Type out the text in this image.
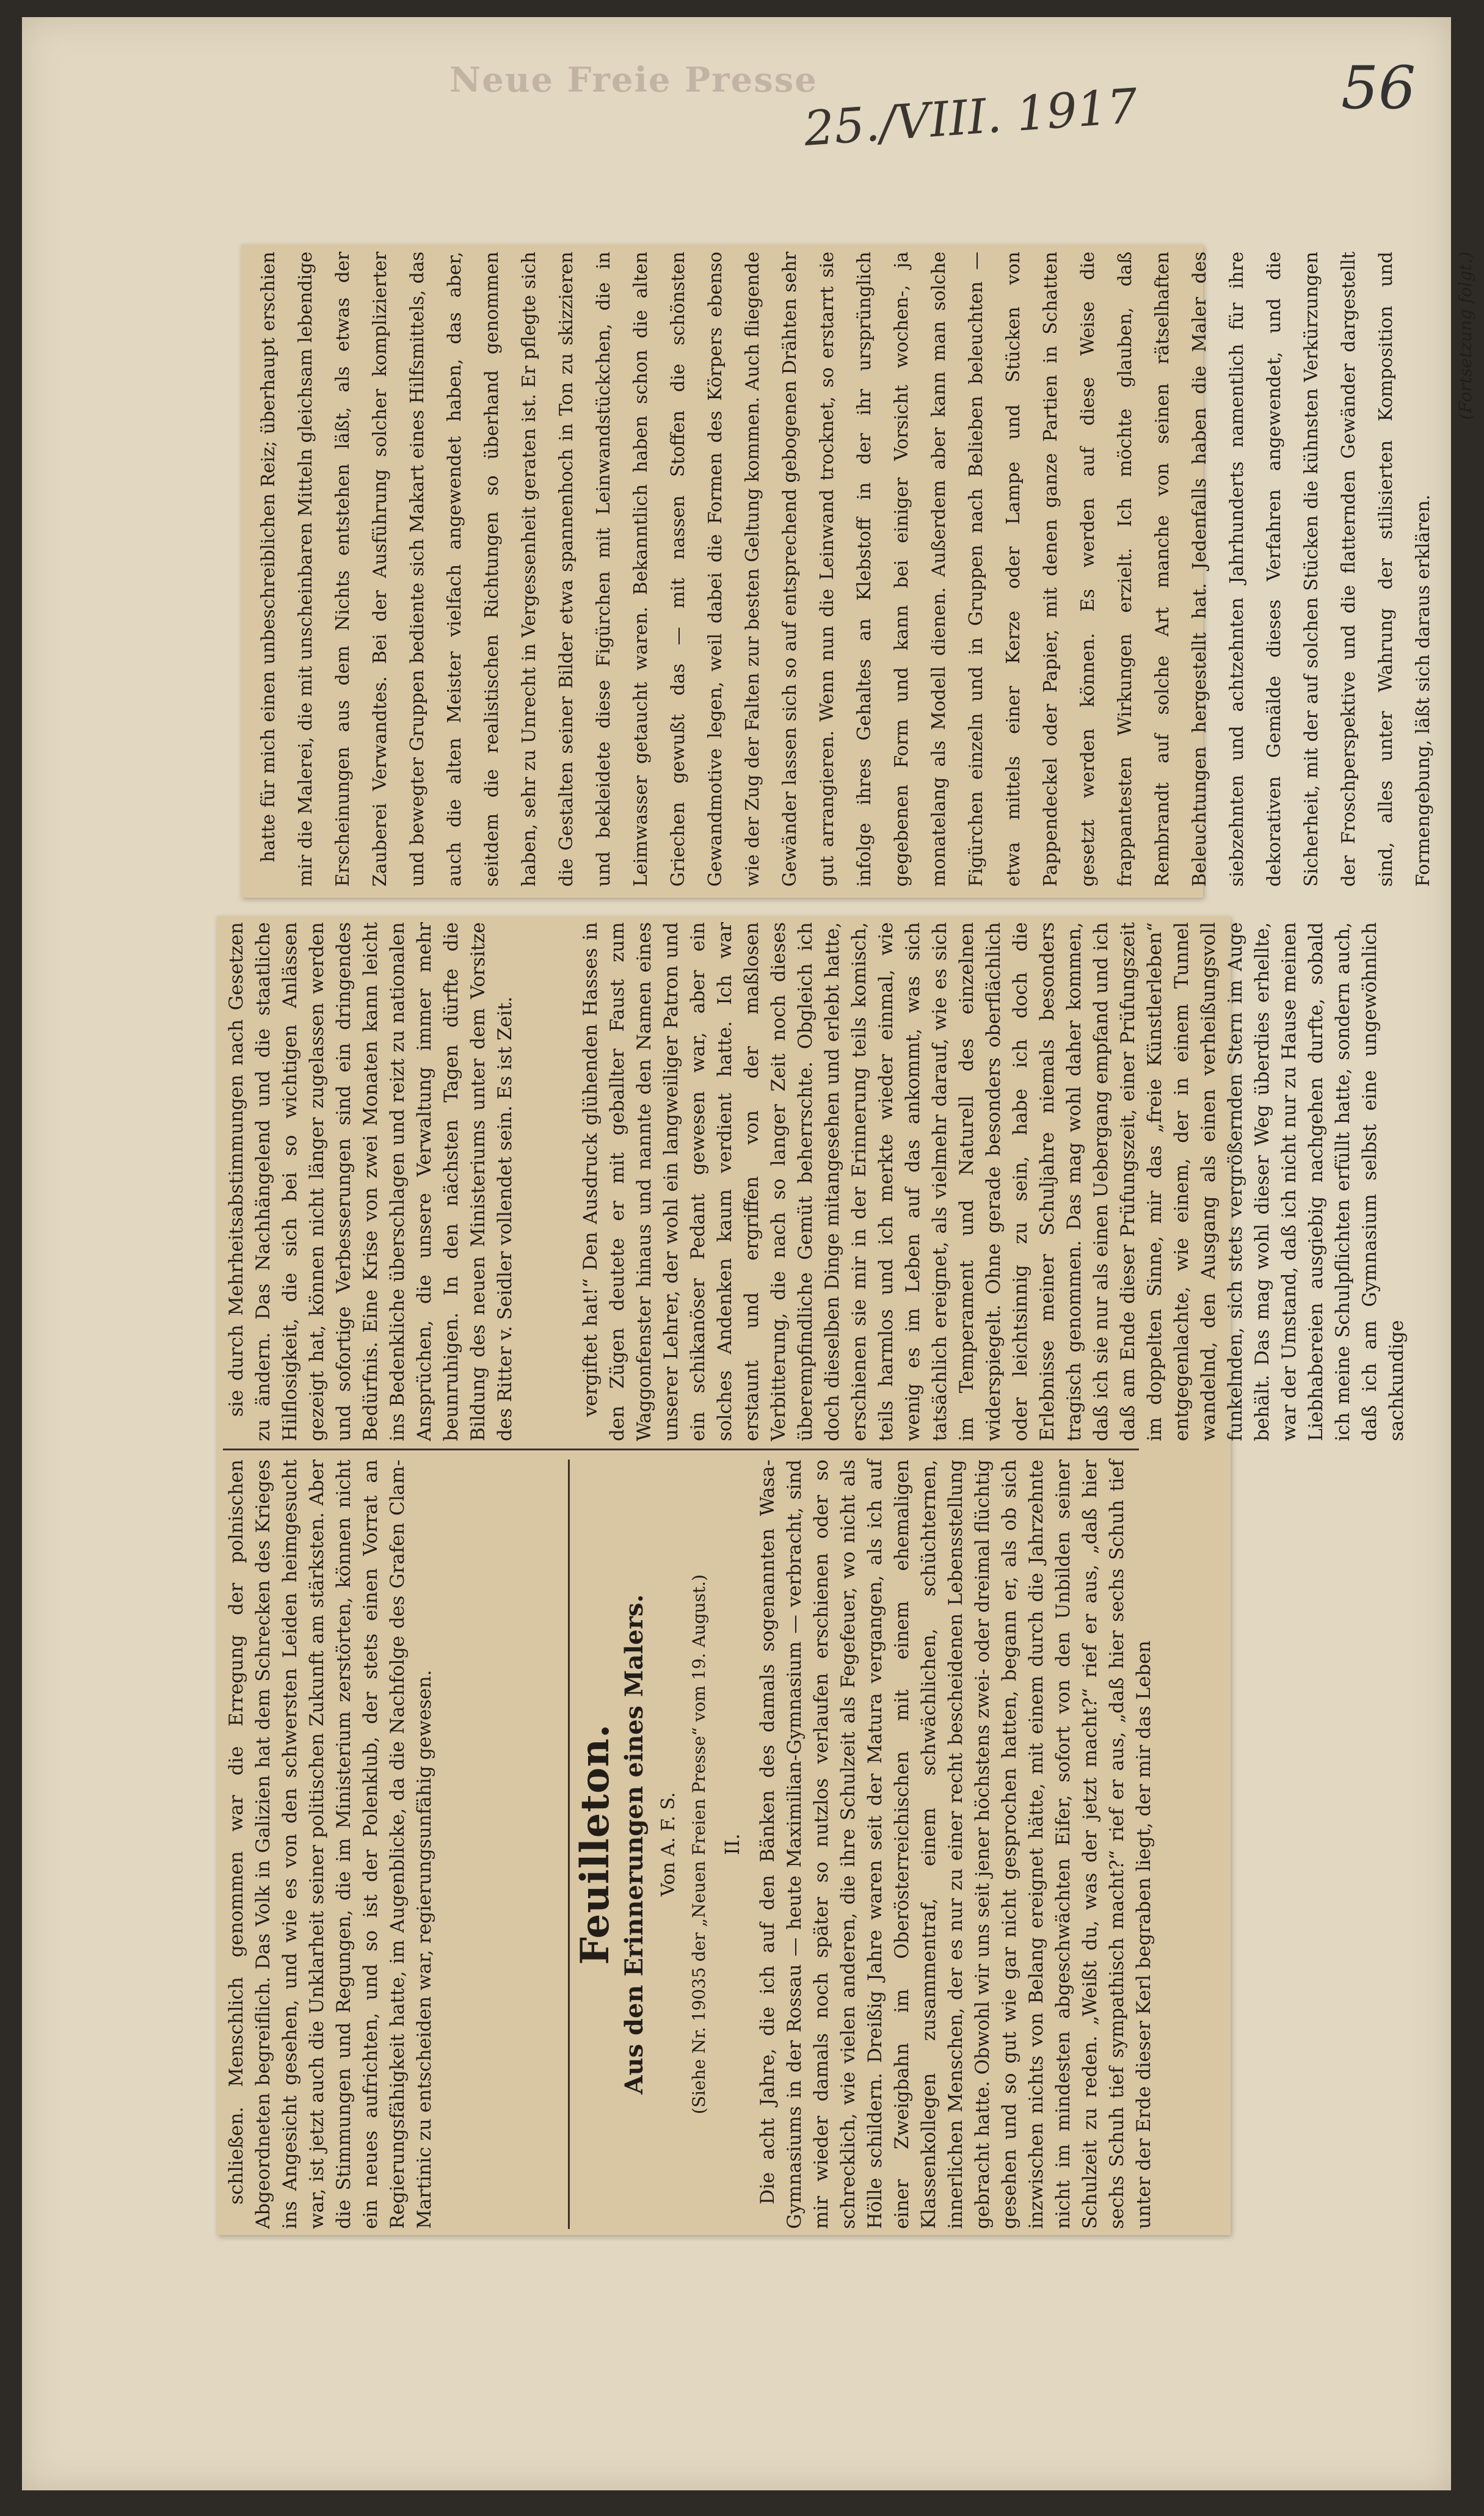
Neue Freie Presse
25./VIII. 1917	56

hatte für mich einen unbeschreiblichen Reiz; überhaupt erschien mir die Malerei, die mit unscheinbaren Mitteln gleichsam lebendige Erscheinungen aus dem Nichts entstehen läßt, als etwas der Zauberei Verwandtes. Bei der Ausführung solcher komplizierter und bewegter Gruppen bediente sich Makart eines Hilfsmittels, das auch die alten Meister vielfach angewendet haben, das aber, seitdem die realistischen Richtungen so überhand genommen haben, sehr zu Unrecht in Vergessenheit geraten ist. Er pflegte sich die Gestalten seiner Bilder etwa spannenhoch in Ton zu skizzieren und bekleidete diese Figürchen mit Leinwandstückchen, die in Leimwasser getaucht waren. Bekanntlich haben schon die alten Griechen gewußt das — mit nassen Stoffen die schönsten Gewandmotive legen, weil dabei die Formen des Körpers ebenso wie der Zug der Falten zur besten Geltung kommen. Auch fliegende Gewänder lassen sich so auf entsprechend gebogenen Drähten sehr gut arrangieren. Wenn nun die Leinwand trocknet, so erstarrt sie infolge ihres Gehaltes an Klebstoff in der ihr ursprünglich gegebenen Form und kann bei einiger Vorsicht wochen-, ja monatelang als Modell dienen. Außerdem aber kann man solche Figürchen einzeln und in Gruppen nach Belieben beleuchten — etwa mittels einer Kerze oder Lampe und Stücken von Pappendeckel oder Papier, mit denen ganze Partien in Schatten gesetzt werden können. Es werden auf diese Weise die frappantesten Wirkungen erzielt. Ich möchte glauben, daß Rembrandt auf solche Art manche von seinen rätselhaften Beleuchtungen hergestellt hat. Jedenfalls haben die Maler des siebzehnten und achtzehnten Jahrhunderts namentlich für ihre dekorativen Gemälde dieses Verfahren angewendet, und die Sicherheit, mit der auf solchen Stücken die kühnsten Verkürzungen der Froschperspektive und die flatternden Gewänder dargestellt sind, alles unter Wahrung der stilisierten Komposition und Formengebung, läßt sich daraus erklären.

(Fortsetzung folgt.)

schließen. Menschlich genommen war die Erregung der polnischen Abgeordneten begreiflich. Das Volk in Galizien hat dem Schrecken des Krieges ins Angesicht gesehen, und wie es von den schwersten Leiden heimgesucht war, ist jetzt auch die Unklarheit seiner politischen Zukunft am stärksten. Aber die Stimmungen und Regungen, die im Ministerium zerstörten, können nicht ein neues aufrichten, und so ist der Polenklub, der stets einen Vorrat an Regierungsfähigkeit hatte, im Augenblicke, da die Nachfolge des Grafen Clam-Martinic zu entscheiden war, regierungsunfähig gewesen.	Feuilleton. Aus den Erinnerungen eines Malers. Von A. F. S. (Siehe Nr. 19035 der „Neuen Freien Presse“ vom 19. August.) II. Die acht Jahre, die ich auf den Bänken des damals sogenannten Wasa-Gymnasiums in der Rossau — heute Maximilian-Gymnasium — verbracht, sind mir wieder damals noch später so nutzlos verlaufen erschienen oder so schrecklich, wie vielen anderen, die ihre Schulzeit als Fegefeuer, wo nicht als Hölle schildern. Dreißig Jahre waren seit der Matura vergangen, als ich auf einer Zweigbahn im Oberösterreichischen mit einem ehemaligen Klassenkollegen zusammentraf, einem schwächlichen, schüchternen, innerlichen Menschen, der es nur zu einer recht bescheidenen Lebensstellung gebracht hatte. Obwohl wir uns seit jener höchstens zwei- oder dreimal flüchtig gesehen und so gut wie gar nicht gesprochen hatten, begann er, als ob sich inzwischen nichts von Belang ereignet hätte, mit einem durch die Jahrzehnte nicht im mindesten abgeschwächten Eifer, sofort von den Unbilden seiner Schulzeit zu reden. „Weißt du, was der jetzt macht?“ rief er aus, „daß hier sechs Schuh tief sympathisch macht?“ rief er aus, „daß hier sechs Schuh tief unter der Erde dieser Kerl begraben liegt, der mir das Leben

sie durch Mehrheitsabstimmungen nach Gesetzen zu ändern. Das Nachhängelend und die staatliche Hilflosigkeit, die sich bei so wichtigen Anlässen gezeigt hat, können nicht länger zugelassen werden und sofortige Verbesserungen sind ein dringendes Bedürfnis. Eine Krise von zwei Monaten kann leicht ins Bedenkliche überschlagen und reizt zu nationalen Ansprüchen, die unsere Verwaltung immer mehr beunruhigen. In den nächsten Tagen dürfte die Bildung des neuen Ministeriums unter dem Vorsitze des Ritter v. Seidler vollendet sein. Es ist Zeit.	vergiftet hat!“ Den Ausdruck glühenden Hasses in den Zügen deutete er mit geballter Faust zum Waggonfenster hinaus und nannte den Namen eines unserer Lehrer, der wohl ein langweiliger Patron und ein schikanöser Pedant gewesen war, aber ein solches Andenken kaum verdient hatte. Ich war erstaunt und ergriffen von der maßlosen Verbitterung, die nach so langer Zeit noch dieses überempfindliche Gemüt beherrschte. Obgleich ich doch dieselben Dinge mitangesehen und erlebt hatte, erschienen sie mir in der Erinnerung teils komisch, teils harmlos und ich merkte wieder einmal, wie wenig es im Leben auf das ankommt, was sich tatsächlich ereignet, als vielmehr darauf, wie es sich im Temperament und Naturell des einzelnen widerspiegelt. Ohne gerade besonders oberflächlich oder leichtsinnig zu sein, habe ich doch die Erlebnisse meiner Schuljahre niemals besonders tragisch genommen. Das mag wohl daher kommen, daß ich sie nur als einen Uebergang empfand und ich daß am Ende dieser Prüfungszeit, einer Prüfungszeit im doppelten Sinne, mir das „freie Künstlerleben“ entgegenlachte, wie einem, der in einem Tunnel wandelnd, den Ausgang als einen verheißungsvoll funkelnden, sich stets vergrößernden Stern im Auge behält. Das mag wohl dieser Weg überdies erhellte, war der Umstand, daß ich nicht nur zu Hause meinen Liebhabereien ausgiebig nachgehen durfte, sobald ich meine Schulpflichten erfüllt hatte, sondern auch, daß ich am Gymnasium selbst eine ungewöhnlich sachkundige
